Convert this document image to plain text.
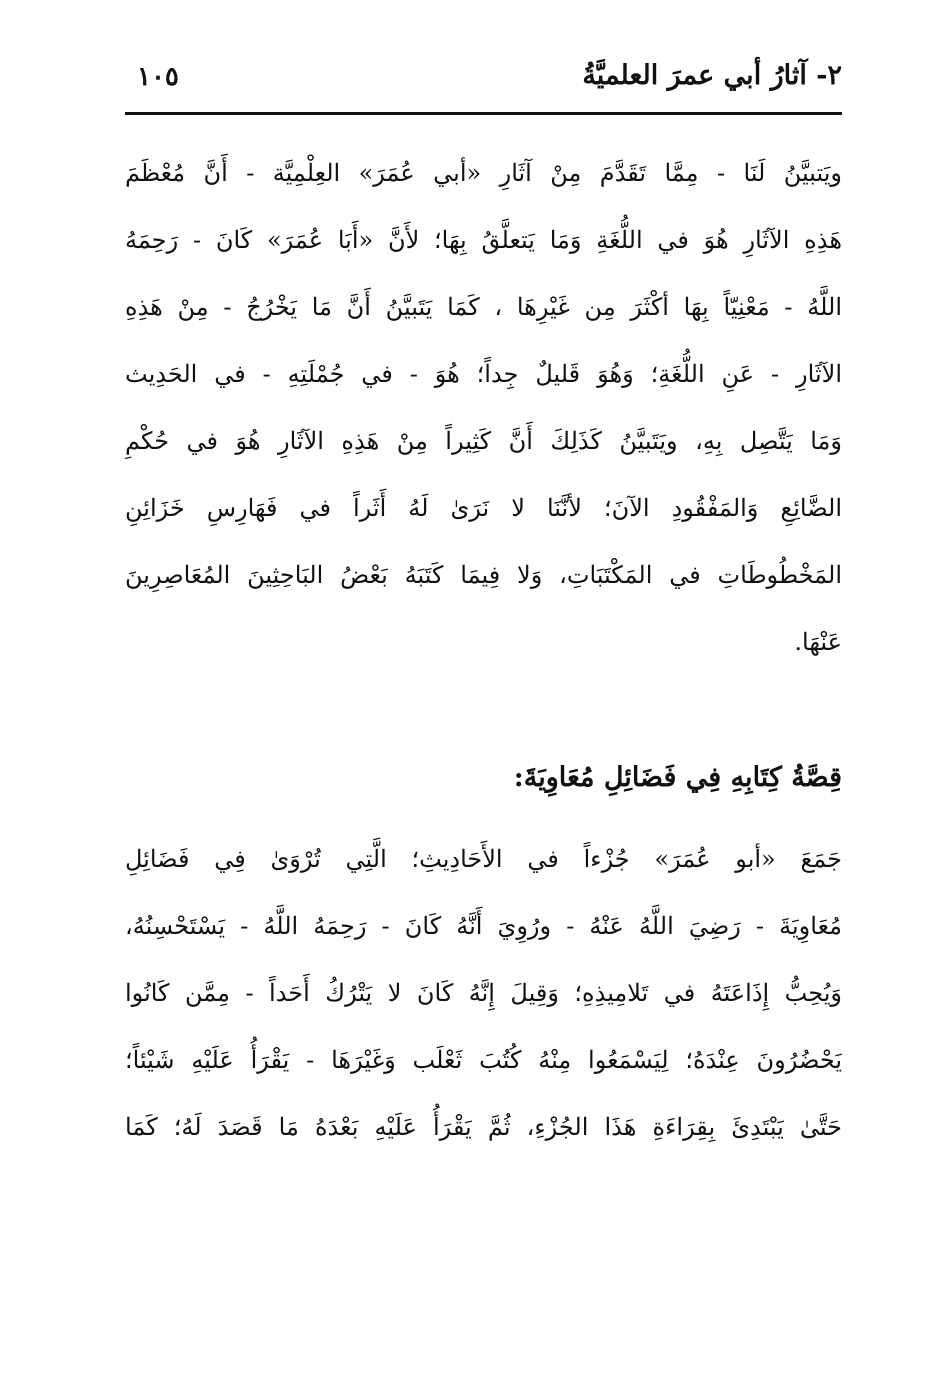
٢- آثارُ أبي عمرَ العلميَّةُ
١٠٥
ويَتبيَّنُ لَنَا - مِمَّا تَقَدَّمَ مِنْ آثَارِ «أبي عُمَرَ» العِلْمِيَّة - أَنَّ مُعْظَمَ
هَذِهِ الآثَارِ هُوَ في اللُّغَةِ وَمَا يَتعلَّقُ بِهَا؛ لأَنَّ «أَبَا عُمَرَ» كَانَ - رَحِمَهُ
اللَّهُ - مَعْنِيّاً بِهَا أكْثَرَ مِن غَيْرِهَا ، كَمَا يَتَبيَّنُ أَنَّ مَا يَخْرُجُ - مِنْ هَذِهِ
الآثَارِ - عَنِ اللُّغَةِ؛ وَهُوَ قَليلٌ جِداً؛ هُوَ - في جُمْلَتِهِ - في الحَدِيث
وَمَا يَتَّصِل بِهِ، ويَتَبيَّنُ كَذَلِكَ أَنَّ كَثِيراً مِنْ هَذِهِ الآثَارِ هُوَ في حُكْمِ
الضَّائِعِ وَالمَفْقُودِ الآنَ؛ لأنَّنَا لا نَرَىٰ لَهُ أَثَراً في فَهَارِسِ خَزَائِنِ
المَخْطُوطَاتِ في المَكْتَبَاتِ، وَلا فِيمَا كَتَبَهُ بَعْضُ البَاحِثِينَ المُعَاصِرِينَ
عَنْهَا.
قِصَّةُ كِتَابِهِ فِي فَضَائِلِ مُعَاوِيَةَ:
جَمَعَ «أبو عُمَرَ» جُزْءاً في الأَحَادِيثِ؛ الَّتِي تُرْوَىٰ فِي فَضَائِلِ
مُعَاوِيَةَ - رَضِيَ اللَّهُ عَنْهُ - ورُوِيَ أَنَّهُ كَانَ - رَحِمَهُ اللَّهُ - يَسْتَحْسِنُهُ،
وَيُحِبُّ إِذَاعَتَهُ في تَلامِيذِهِ؛ وَقِيلَ إِنَّهُ كَانَ لا يَتْرُكُ أَحَداً - مِمَّن كَانُوا
يَحْضُرُونَ عِنْدَهُ؛ لِيَسْمَعُوا مِنْهُ كُتُبَ ثَعْلَب وَغَيْرَهَا - يَقْرَأُ عَلَيْهِ شَيْئاً؛
حَتَّىٰ يَبْتَدِئَ بِقِرَاءَةِ هَذَا الجُزْءِ، ثُمَّ يَقْرَأُ عَلَيْهِ بَعْدَهُ مَا قَصَدَ لَهُ؛ كَمَا
